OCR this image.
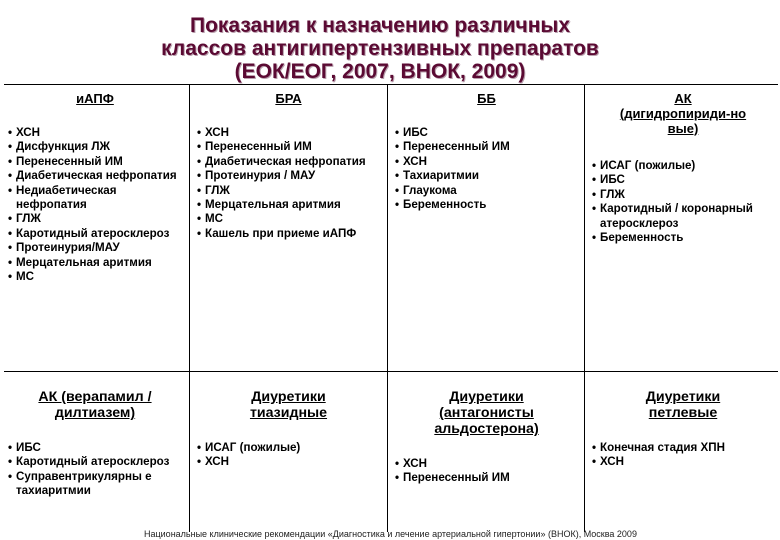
Показания к назначению различных
классов антигипертензивных препаратов
(ЕОК/ЕОГ, 2007, ВНОК, 2009)
иАПФ
• ХСН
• Дисфункция ЛЖ
• Перенесенный ИМ
• Диабетическая нефропатия
• Недиабетическая нефропатия
• ГЛЖ
• Каротидный атеросклероз
• Протеинурия/МАУ
• Мерцательная аритмия
• МС
БРА
• ХСН
• Перенесенный ИМ
• Диабетическая нефропатия
• Протеинурия / МАУ
• ГЛЖ
• Мерцательная аритмия
• МС
• Кашель при приеме иАПФ
ББ
• ИБС
• Перенесенный ИМ
• ХСН
• Тахиаритмии
• Глаукома
• Беременность
АК
(дигидропириди-но
вые)
• ИСАГ (пожилые)
• ИБС
• ГЛЖ
• Каротидный / коронарный атеросклероз
• Беременность
АК (верапамил /
дилтиазем)
• ИБС
• Каротидный атеросклероз
• Суправентрикулярны е тахиаритмии
Диуретики
тиазидные
• ИСАГ (пожилые)
• ХСН
Диуретики
(антагонисты
альдостерона)
• ХСН
• Перенесенный ИМ
Диуретики
петлевые
• Конечная стадия ХПН
• ХСН
Национальные клинические рекомендации «Диагностика и лечение артериальной гипертонии» (ВНОК), Москва 2009
